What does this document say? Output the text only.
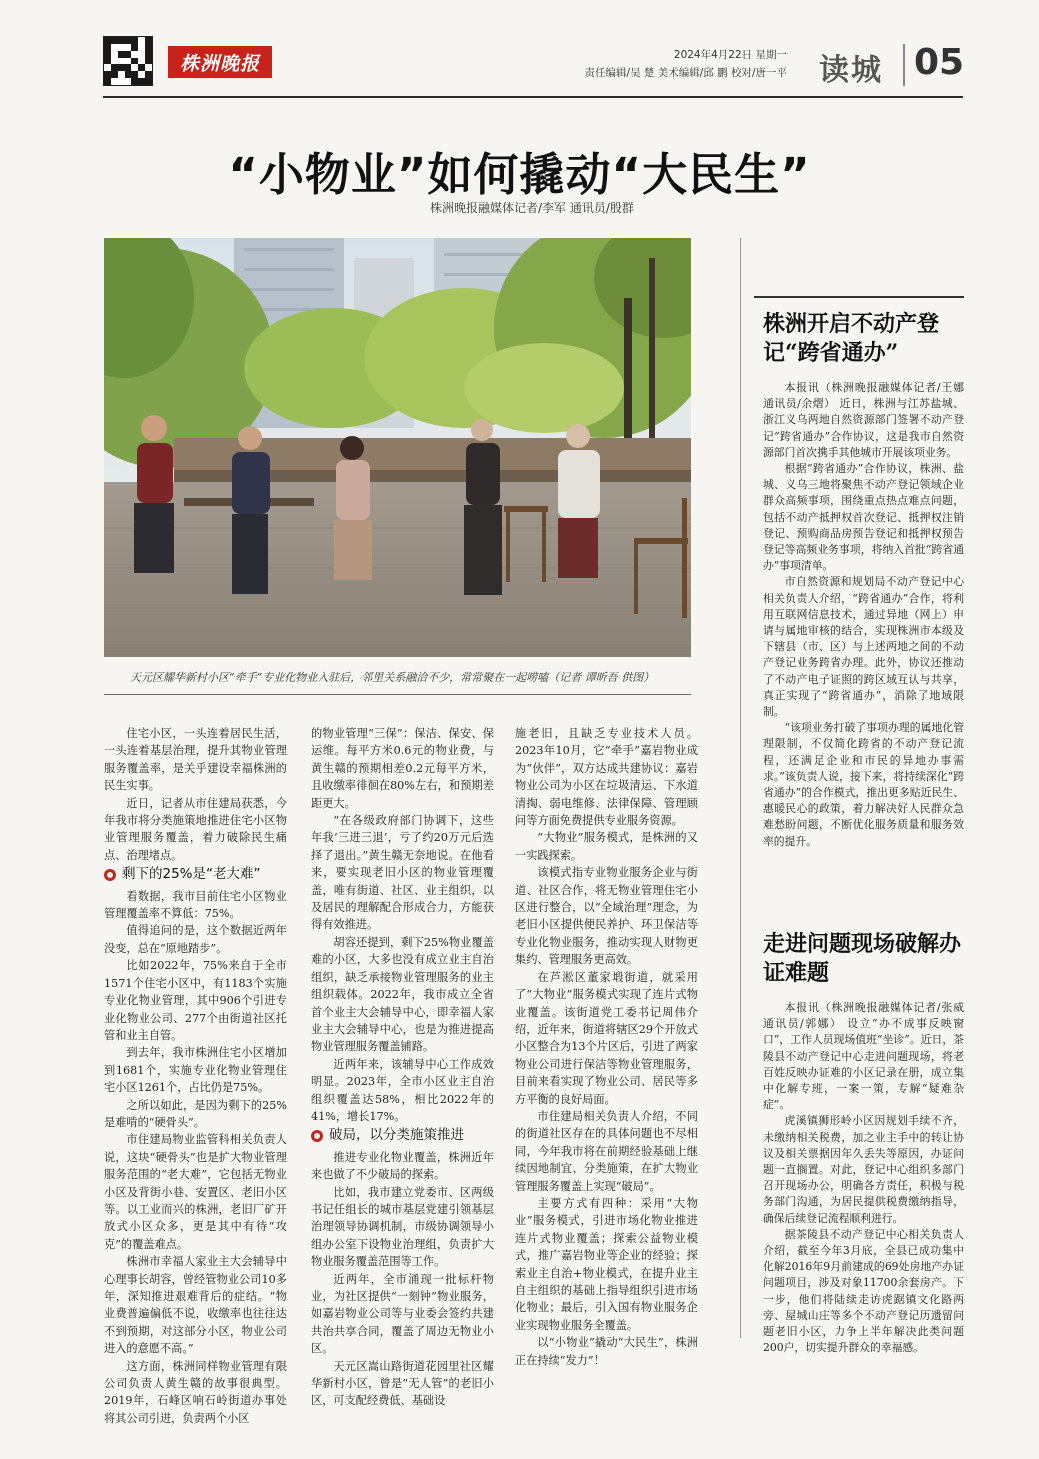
株洲晚报	2024年4月22日 星期一
责任编辑/吴 楚 美术编辑/邱 鹏 校对/唐一平 读城 05
“小物业”如何撬动“大民生”
株洲晚报融媒体记者/李军 通讯员/殷群
天元区耀华新村小区“牵手”专业化物业入驻后，邻里关系融洽不少，常常聚在一起唠嗑（记者 谭昕吾 供图）

住宅小区，一头连着居民生活，一头连着基层治理，提升其物业管理服务覆盖率，是关乎建设幸福株洲的民生实事。

近日，记者从市住建局获悉，今年我市将分类施策地推进住宅小区物业管理服务覆盖，着力破除民生痛点、治理堵点。

剩下的25%是“老大难”

看数据，我市目前住宅小区物业管理覆盖率不算低：75%。

值得追问的是，这个数据近两年没变，总在“原地踏步”。

比如2022年，75%来自于全市1571个住宅小区中，有1183个实施专业化物业管理，其中906个引进专业化物业公司、277个由街道社区托管和业主自管。

到去年，我市株洲住宅小区增加到1681个，实施专业化物业管理住宅小区1261个，占比仍是75%。

之所以如此，是因为剩下的25%是难啃的“硬骨头”。

市住建局物业监管科相关负责人说，这块“硬骨头”也是扩大物业管理服务范围的“老大难”，它包括无物业小区及背街小巷、安置区、老旧小区等。以工业而兴的株洲，老旧厂矿开放式小区众多，更是其中有待“攻克”的覆盖难点。

株洲市幸福人家业主大会辅导中心理事长胡容，曾经管物业公司10多年，深知推进艰难背后的症结。“物业费普遍偏低不说，收缴率也往往达不到预期，对这部分小区，物业公司进入的意愿不高。”

这方面，株洲同样物业管理有限公司负责人黄生赣的故事很典型。2019年，石峰区响石岭街道办事处将其公司引进，负责两个小区

的物业管理“三保”：保洁、保安、保运维。每平方米0.6元的物业费，与黄生赣的预期相差0.2元每平方米，且收缴率徘徊在80%左右，和预期差距更大。

“在各级政府部门协调下，这些年我‘三进三退’，亏了约20万元后选择了退出。”黄生赣无奈地说。在他看来，要实现老旧小区的物业管理覆盖，唯有街道、社区、业主组织，以及居民的理解配合形成合力，方能获得有效推进。

胡容还提到，剩下25%物业覆盖难的小区，大多也没有成立业主自治组织，缺乏承接物业管理服务的业主组织载体。2022年，我市成立全省首个业主大会辅导中心，即幸福人家业主大会辅导中心，也是为推进提高物业管理服务覆盖铺路。

近两年来，该辅导中心工作成效明显。2023年，全市小区业主自治组织覆盖达58%，相比2022年的41%，增长17%。

破局，以分类施策推进

推进专业化物业覆盖，株洲近年来也做了不少破局的探索。

比如，我市建立党委市、区两级书记任组长的城市基层党建引领基层治理领导协调机制，市级协调领导小组办公室下设物业治理组，负责扩大物业服务覆盖范围等工作。

近两年，全市涌现一批标杆物业，为社区提供“一刻钟”物业服务，如嘉岩物业公司等与业委会签约共建共治共享合同，覆盖了周边无物业小区。

天元区嵩山路街道花园里社区耀华新村小区，曾是“无人管”的老旧小区，可支配经费低、基础设

施老旧，且缺乏专业技术人员。2023年10月，它“牵手”嘉岩物业成为“伙伴”，双方达成共建协议：嘉岩物业公司为小区在垃圾清运、下水道清掏、弱电维修、法律保障、管理顾问等方面免费提供专业服务资源。

“大物业”服务模式，是株洲的又一实践探索。

该模式指专业物业服务企业与街道、社区合作，将无物业管理住宅小区进行整合，以“全域治理”理念，为老旧小区提供便民养护、环卫保洁等专业化物业服务，推动实现人财物更集约、管理服务更高效。

在芦淞区董家塅街道，就采用了“大物业”服务模式实现了连片式物业覆盖。该街道党工委书记周伟介绍，近年来，街道将辖区29个开放式小区整合为13个片区后，引进了两家物业公司进行保洁等物业管理服务，目前来看实现了物业公司、居民等多方平衡的良好局面。

市住建局相关负责人介绍，不同的街道社区存在的具体问题也不尽相同，今年我市将在前期经验基础上继续因地制宜、分类施策，在扩大物业管理服务覆盖上实现“破局”。

主要方式有四种：采用“大物业”服务模式，引进市场化物业推进连片式物业覆盖；探索公益物业模式，推广嘉岩物业等企业的经验；探索业主自治+物业模式，在提升业主自主组织的基础上指导组织引进市场化物业；最后，引入国有物业服务企业实现物业服务全覆盖。

以“小物业”撬动“大民生”，株洲正在持续“发力”！

株洲开启不动产登记“跨省通办”

本报讯（株洲晚报融媒体记者/王娜 通讯员/余熠） 近日，株洲与江苏盐城、浙江义乌两地自然资源部门签署不动产登记“跨省通办”合作协议，这是我市自然资源部门首次携手其他城市开展该项业务。

根据“跨省通办”合作协议，株洲、盐城、义乌三地将聚焦不动产登记领域企业群众高频事项，围绕重点热点难点问题，包括不动产抵押权首次登记、抵押权注销登记、预购商品房预告登记和抵押权预告登记等高频业务事项，将纳入首批“跨省通办”事项清单。

市自然资源和规划局不动产登记中心相关负责人介绍，“跨省通办”合作，将利用互联网信息技术，通过异地（网上）申请与属地审核的结合，实现株洲市本级及下辖县（市、区）与上述两地之间的不动产登记业务跨省办理。此外，协议还推动了不动产电子证照的跨区域互认与共享，真正实现了“跨省通办”，消除了地域限制。

“该项业务打破了事项办理的属地化管理限制，不仅简化跨省的不动产登记流程，还满足企业和市民的异地办事需求。”该负责人说，接下来，将持续深化“跨省通办”的合作模式，推出更多贴近民生、惠暖民心的政策，着力解决好人民群众急难愁盼问题，不断优化服务质量和服务效率的提升。

走进问题现场破解办证难题

本报讯（株洲晚报融媒体记者/张威 通讯员/郭娜） 设立“办不成事反映窗口”，工作人员现场值班“坐诊”。近日，茶陵县不动产登记中心走进问题现场，将老百姓反映办证难的小区记录在册，成立集中化解专班，一案一策，专解“疑难杂症”。

虎溪镇狮形岭小区因规划手续不齐，未缴纳相关税费，加之业主手中的转让协议及相关票据因年久丢失等原因，办证问题一直搁置。对此，登记中心组织多部门召开现场办公，明确各方责任，积极与税务部门沟通，为居民提供税费缴纳指导，确保后续登记流程顺利进行。

据茶陵县不动产登记中心相关负责人介绍，截至今年3月底，全县已成功集中化解2016年9月前建成的69处房地产办证问题项目，涉及对象11700余套房产。下一步，他们将陆续走访虎踞镇文化路两旁、屋城山庄等多个不动产登记历遗留问题老旧小区，力争上半年解决此类问题200户，切实提升群众的幸福感。
